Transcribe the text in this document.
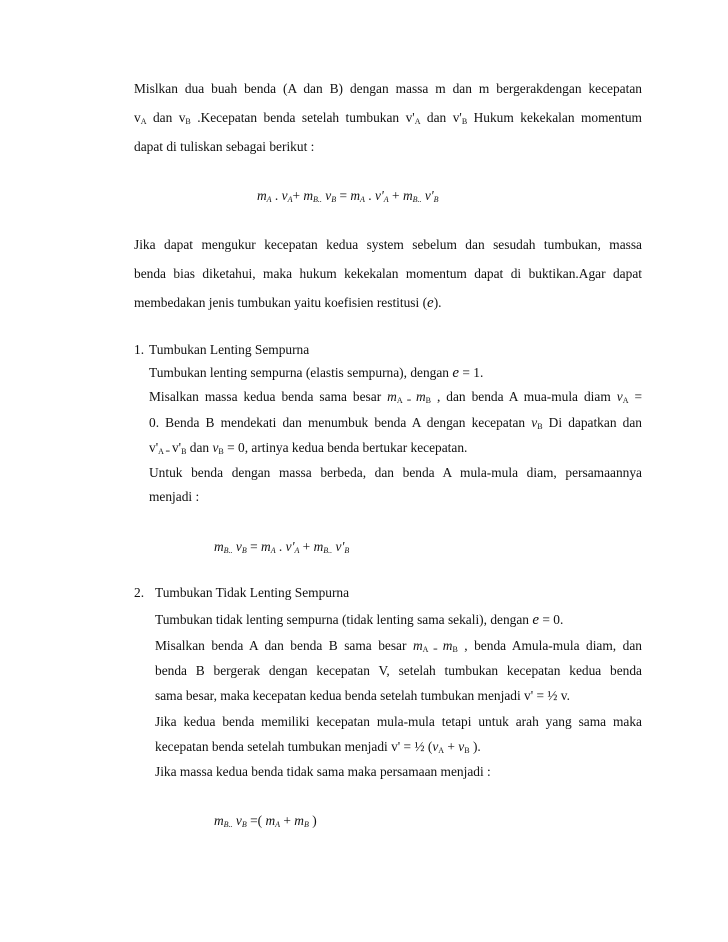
Mislkan dua buah benda (A dan B) dengan massa m dan m bergerakdengan kecepatan
$v_A$ dan $v_B$ .Kecepatan benda setelah tumbukan $v'_A$ dan $v'_B$ Hukum kekekalan momentum
dapat di tuliskan sebagai berikut :
$m_A$ . $v_A+ m_{B..}$ $v_B = m_A$ . $v'_A + m_{B..}$ $v'_B$
Jika dapat mengukur kecepatan kedua system sebelum dan sesudah tumbukan, massa
benda bias diketahui, maka hukum kekekalan momentum dapat di buktikan.Agar dapat
membedakan jenis tumbukan yaitu koefisien restitusi (e).
1. Tumbukan Lenting Sempurna
Tumbukan lenting sempurna (elastis sempurna), dengan e = 1.
Misalkan massa kedua benda sama besar $m_{A =}$ $m_B$ , dan benda A mua-mula diam $v_A$ =
0. Benda B mendekati dan menumbuk benda A dengan kecepatan $v_B$ Di dapatkan dan
$v'_{A =}$ $v'_B$ dan $v_B = 0$, artinya kedua benda bertukar kecepatan.
Untuk benda dengan massa berbeda, dan benda A mula-mula diam, persamaannya
menjadi :
$m_{B..}$ $v_B = m_A$ . $v'_A + m_{B..}$ $v'_B$
2. Tumbukan Tidak Lenting Sempurna
Tumbukan tidak lenting sempurna (tidak lenting sama sekali), dengan e = 0.
Misalkan benda A dan benda B sama besar $m_{A =}$ $m_B$ , benda Amula-mula diam, dan
benda B bergerak dengan kecepatan V, setelah tumbukan kecepatan kedua benda
sama besar, maka kecepatan kedua benda setelah tumbukan menjadi v' = ½ v.
Jika kedua benda memiliki kecepatan mula-mula tetapi untuk arah yang sama maka
kecepatan benda setelah tumbukan menjadi v' = ½ ($v_A + v_B$ ).
Jika massa kedua benda tidak sama maka persamaan menjadi :
$m_{B..}$ $v_B$ =( $m_A + m_B$ )
